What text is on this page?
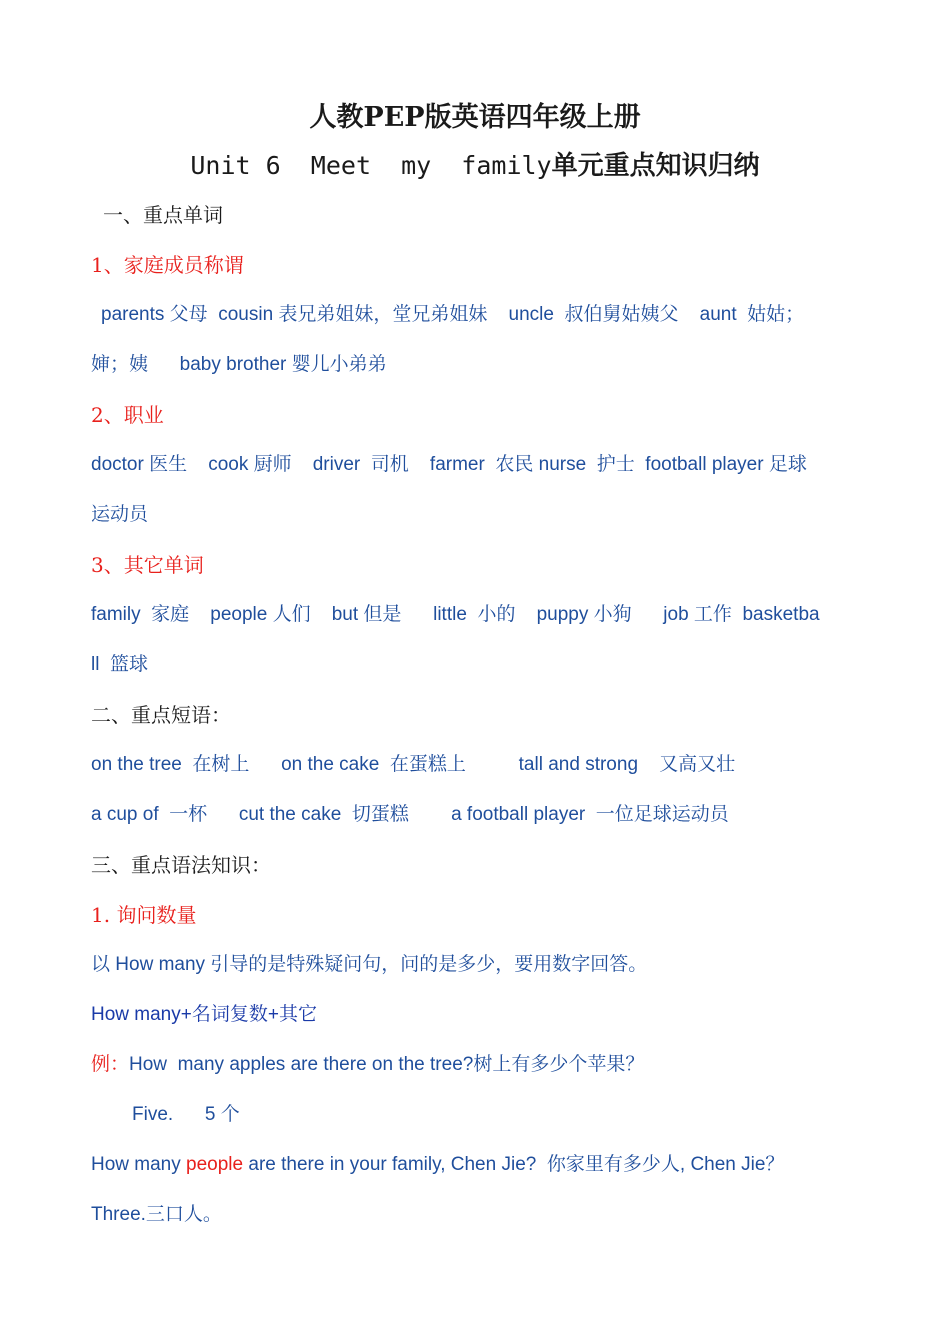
人教PEP版英语四年级上册
Unit 6  Meet  my  family单元重点知识归纳
一、重点单词
1、家庭成员称谓
parents 父母  cousin 表兄弟姐妹，堂兄弟姐妹    uncle  叔伯舅姑姨父    aunt  姑姑；
婶；姨      baby brother 婴儿小弟弟
2、职业
doctor 医生    cook 厨师    driver  司机    farmer  农民 nurse  护士  football player 足球
运动员
3、其它单词
family  家庭    people 人们    but 但是      little  小的    puppy 小狗      job 工作  basketba
ll  篮球
二、重点短语：
on the tree  在树上      on the cake  在蛋糕上          tall and strong    又高又壮
a cup of  一杯      cut the cake  切蛋糕        a football player  一位足球运动员
三、重点语法知识：
1. 询问数量
以 How many 引导的是特殊疑问句，问的是多少，要用数字回答。
How many+名词复数+其它
例：How  many apples are there on the tree?树上有多少个苹果？
Five.      5 个
How many people are there in your family, Chen Jie?  你家里有多少人, Chen Jie？
Three.三口人。
